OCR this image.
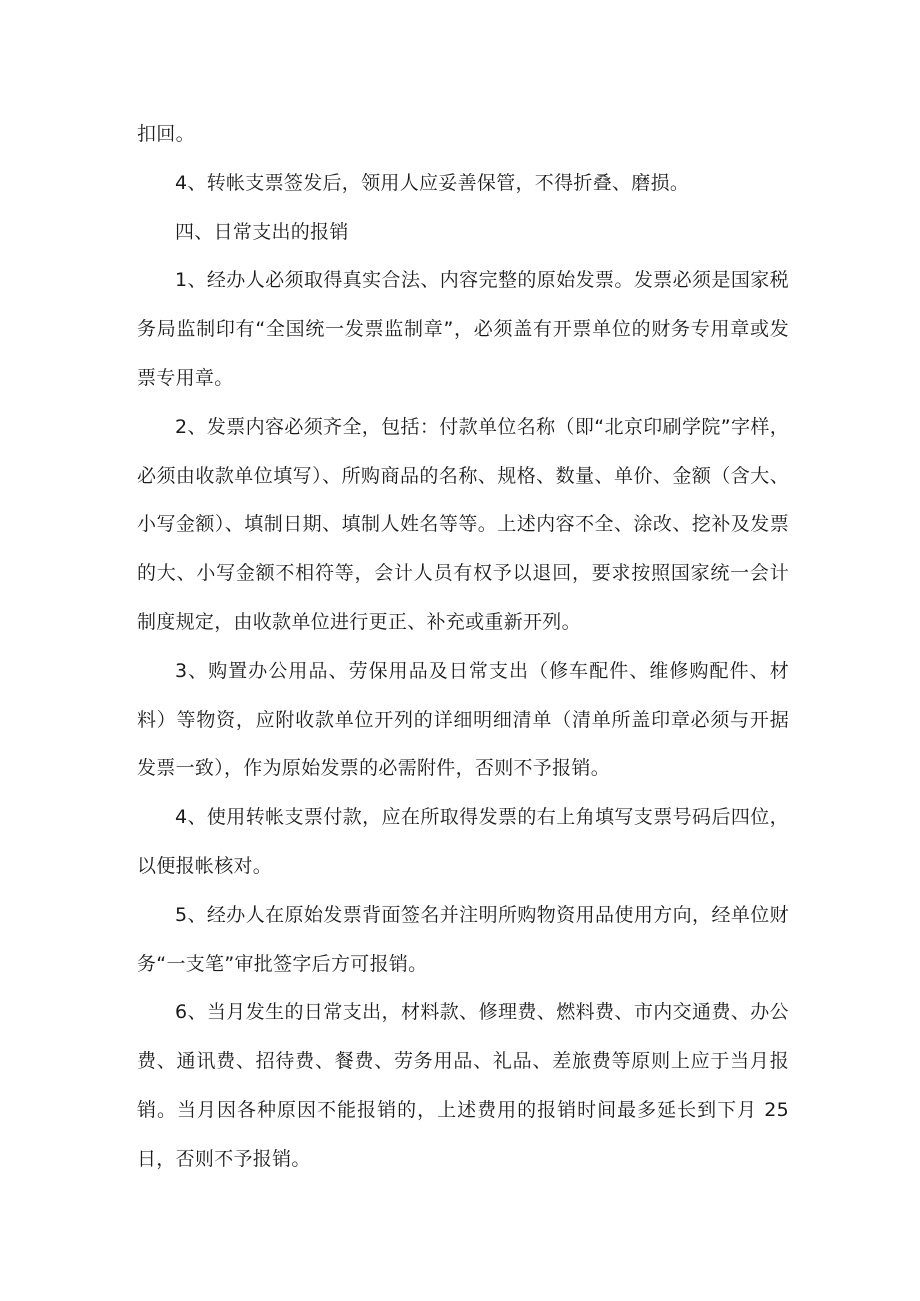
扣回。

4、转帐支票签发后，领用人应妥善保管，不得折叠、磨损。

四、日常支出的报销

1、经办人必须取得真实合法、内容完整的原始发票。发票必须是国家税务局监制印有“全国统一发票监制章”，必须盖有开票单位的财务专用章或发票专用章。

2、发票内容必须齐全，包括：付款单位名称（即“北京印刷学院”字样，必须由收款单位填写）、所购商品的名称、规格、数量、单价、金额（含大、小写金额）、填制日期、填制人姓名等等。上述内容不全、涂改、挖补及发票的大、小写金额不相符等，会计人员有权予以退回，要求按照国家统一会计制度规定，由收款单位进行更正、补充或重新开列。

3、购置办公用品、劳保用品及日常支出（修车配件、维修购配件、材料）等物资，应附收款单位开列的详细明细清单（清单所盖印章必须与开据发票一致），作为原始发票的必需附件，否则不予报销。

4、使用转帐支票付款，应在所取得发票的右上角填写支票号码后四位，以便报帐核对。

5、经办人在原始发票背面签名并注明所购物资用品使用方向，经单位财务“一支笔”审批签字后方可报销。

6、当月发生的日常支出，材料款、修理费、燃料费、市内交通费、办公费、通讯费、招待费、餐费、劳务用品、礼品、差旅费等原则上应于当月报销。当月因各种原因不能报销的，上述费用的报销时间最多延长到下月 25 日，否则不予报销。
